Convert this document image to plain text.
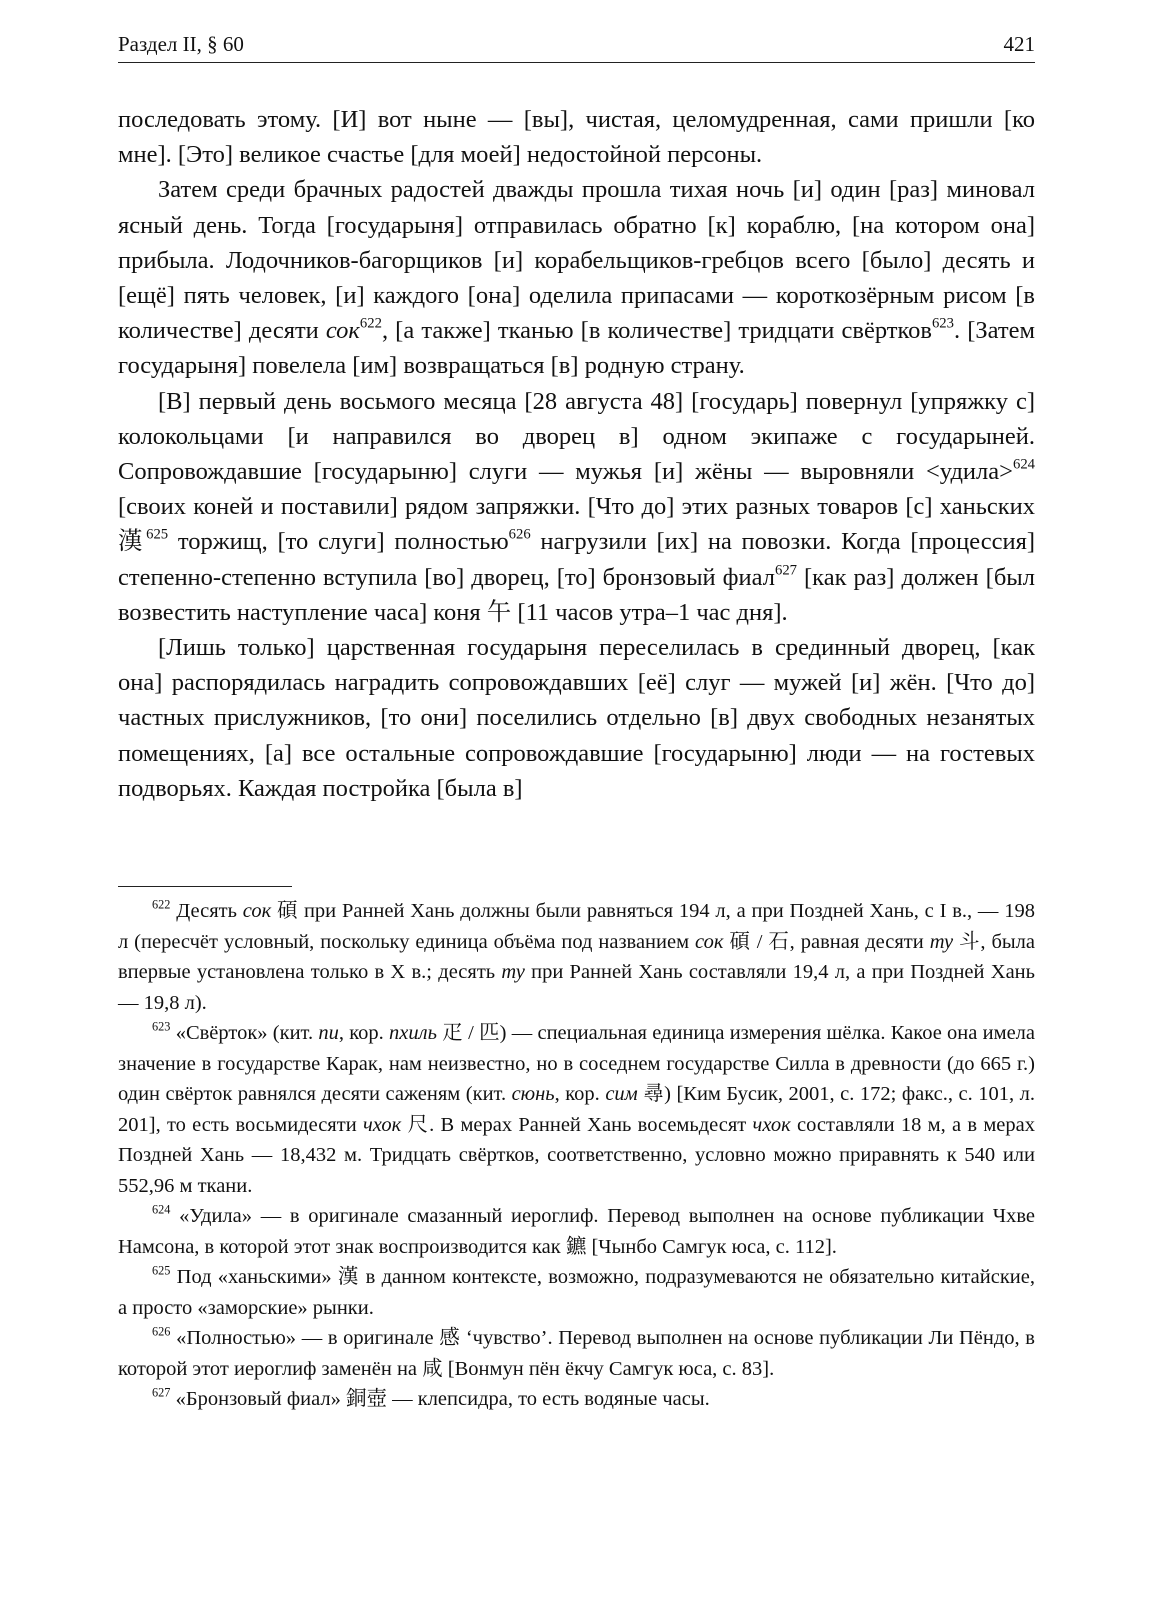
Раздел II, § 60	421

последовать этому. [И] вот ныне — [вы], чистая, целомудренная, сами пришли [ко мне]. [Это] великое счастье [для моей] недостойной персоны.

Затем среди брачных радостей дважды прошла тихая ночь [и] один [раз] миновал ясный день. Тогда [государыня] отправилась обратно [к] кораблю, [на котором она] прибыла. Лодочников-багорщиков [и] корабельщиков-гребцов всего [было] десять и [ещё] пять человек, [и] каждого [она] оделила припасами — короткозёрным рисом [в количестве] десяти сок$^{622}$, [а также] тканью [в количестве] тридцати свёртков$^{623}$. [Затем государыня] повелела [им] возвращаться [в] родную страну.

[В] первый день восьмого месяца [28 августа 48] [государь] повернул [упряжку с] колокольцами [и направился во дворец в] одном экипаже с государыней. Сопровождавшие [государыню] слуги — мужья [и] жёны — выровняли <удила>$^{624}$ [своих коней и поставили] рядом запряжки. [Что до] этих разных товаров [с] ханьских 漢$^{625}$ торжищ, [то слуги] полностью$^{626}$ нагрузили [их] на повозки. Когда [процессия] степенно-степенно вступила [во] дворец, [то] бронзовый фиал$^{627}$ [как раз] должен [был возвестить наступление часа] коня 午 [11 часов утра–1 час дня].

[Лишь только] царственная государыня переселилась в срединный дворец, [как она] распорядилась наградить сопровождавших [её] слуг — мужей [и] жён. [Что до] частных прислужников, [то они] поселились отдельно [в] двух свободных незанятых помещениях, [а] все остальные сопровождавшие [государыню] люди — на гостевых подворьях. Каждая постройка [была в]

$^{622}$ Десять сок 碩 при Ранней Хань должны были равняться 194 л, а при Поздней Хань, с I в., — 198 л (пересчёт условный, поскольку единица объёма под названием сок 碩 / 石, равная десяти ту 斗, была впервые установлена только в X в.; десять ту при Ранней Хань составляли 19,4 л, а при Поздней Хань — 19,8 л).

$^{623}$ «Свёрток» (кит. пи, кор. пхиль 疋 / 匹) — специальная единица измерения шёлка. Какое она имела значение в государстве Карак, нам неизвестно, но в соседнем государстве Силла в древности (до 665 г.) один свёрток равнялся десяти саженям (кит. сюнь, кор. сим 尋) [Ким Бусик, 2001, с. 172; факс., с. 101, л. 201], то есть восьмидесяти чхок 尺. В мерах Ранней Хань восемьдесят чхок составляли 18 м, а в мерах Поздней Хань — 18,432 м. Тридцать свёртков, соответственно, условно можно приравнять к 540 или 552,96 м ткани.

$^{624}$ «Удила» — в оригинале смазанный иероглиф. Перевод выполнен на основе публикации Чхве Намсона, в которой этот знак воспроизводится как 鑣 [Чынбо Самгук юса, с. 112].

$^{625}$ Под «ханьскими» 漢 в данном контексте, возможно, подразумеваются не обязательно китайские, а просто «заморские» рынки.

$^{626}$ «Полностью» — в оригинале 感 ‘чувство’. Перевод выполнен на основе публикации Ли Пёндо, в которой этот иероглиф заменён на 咸 [Вонмун пён ёкчу Самгук юса, с. 83].

$^{627}$ «Бронзовый фиал» 銅壺 — клепсидра, то есть водяные часы.
